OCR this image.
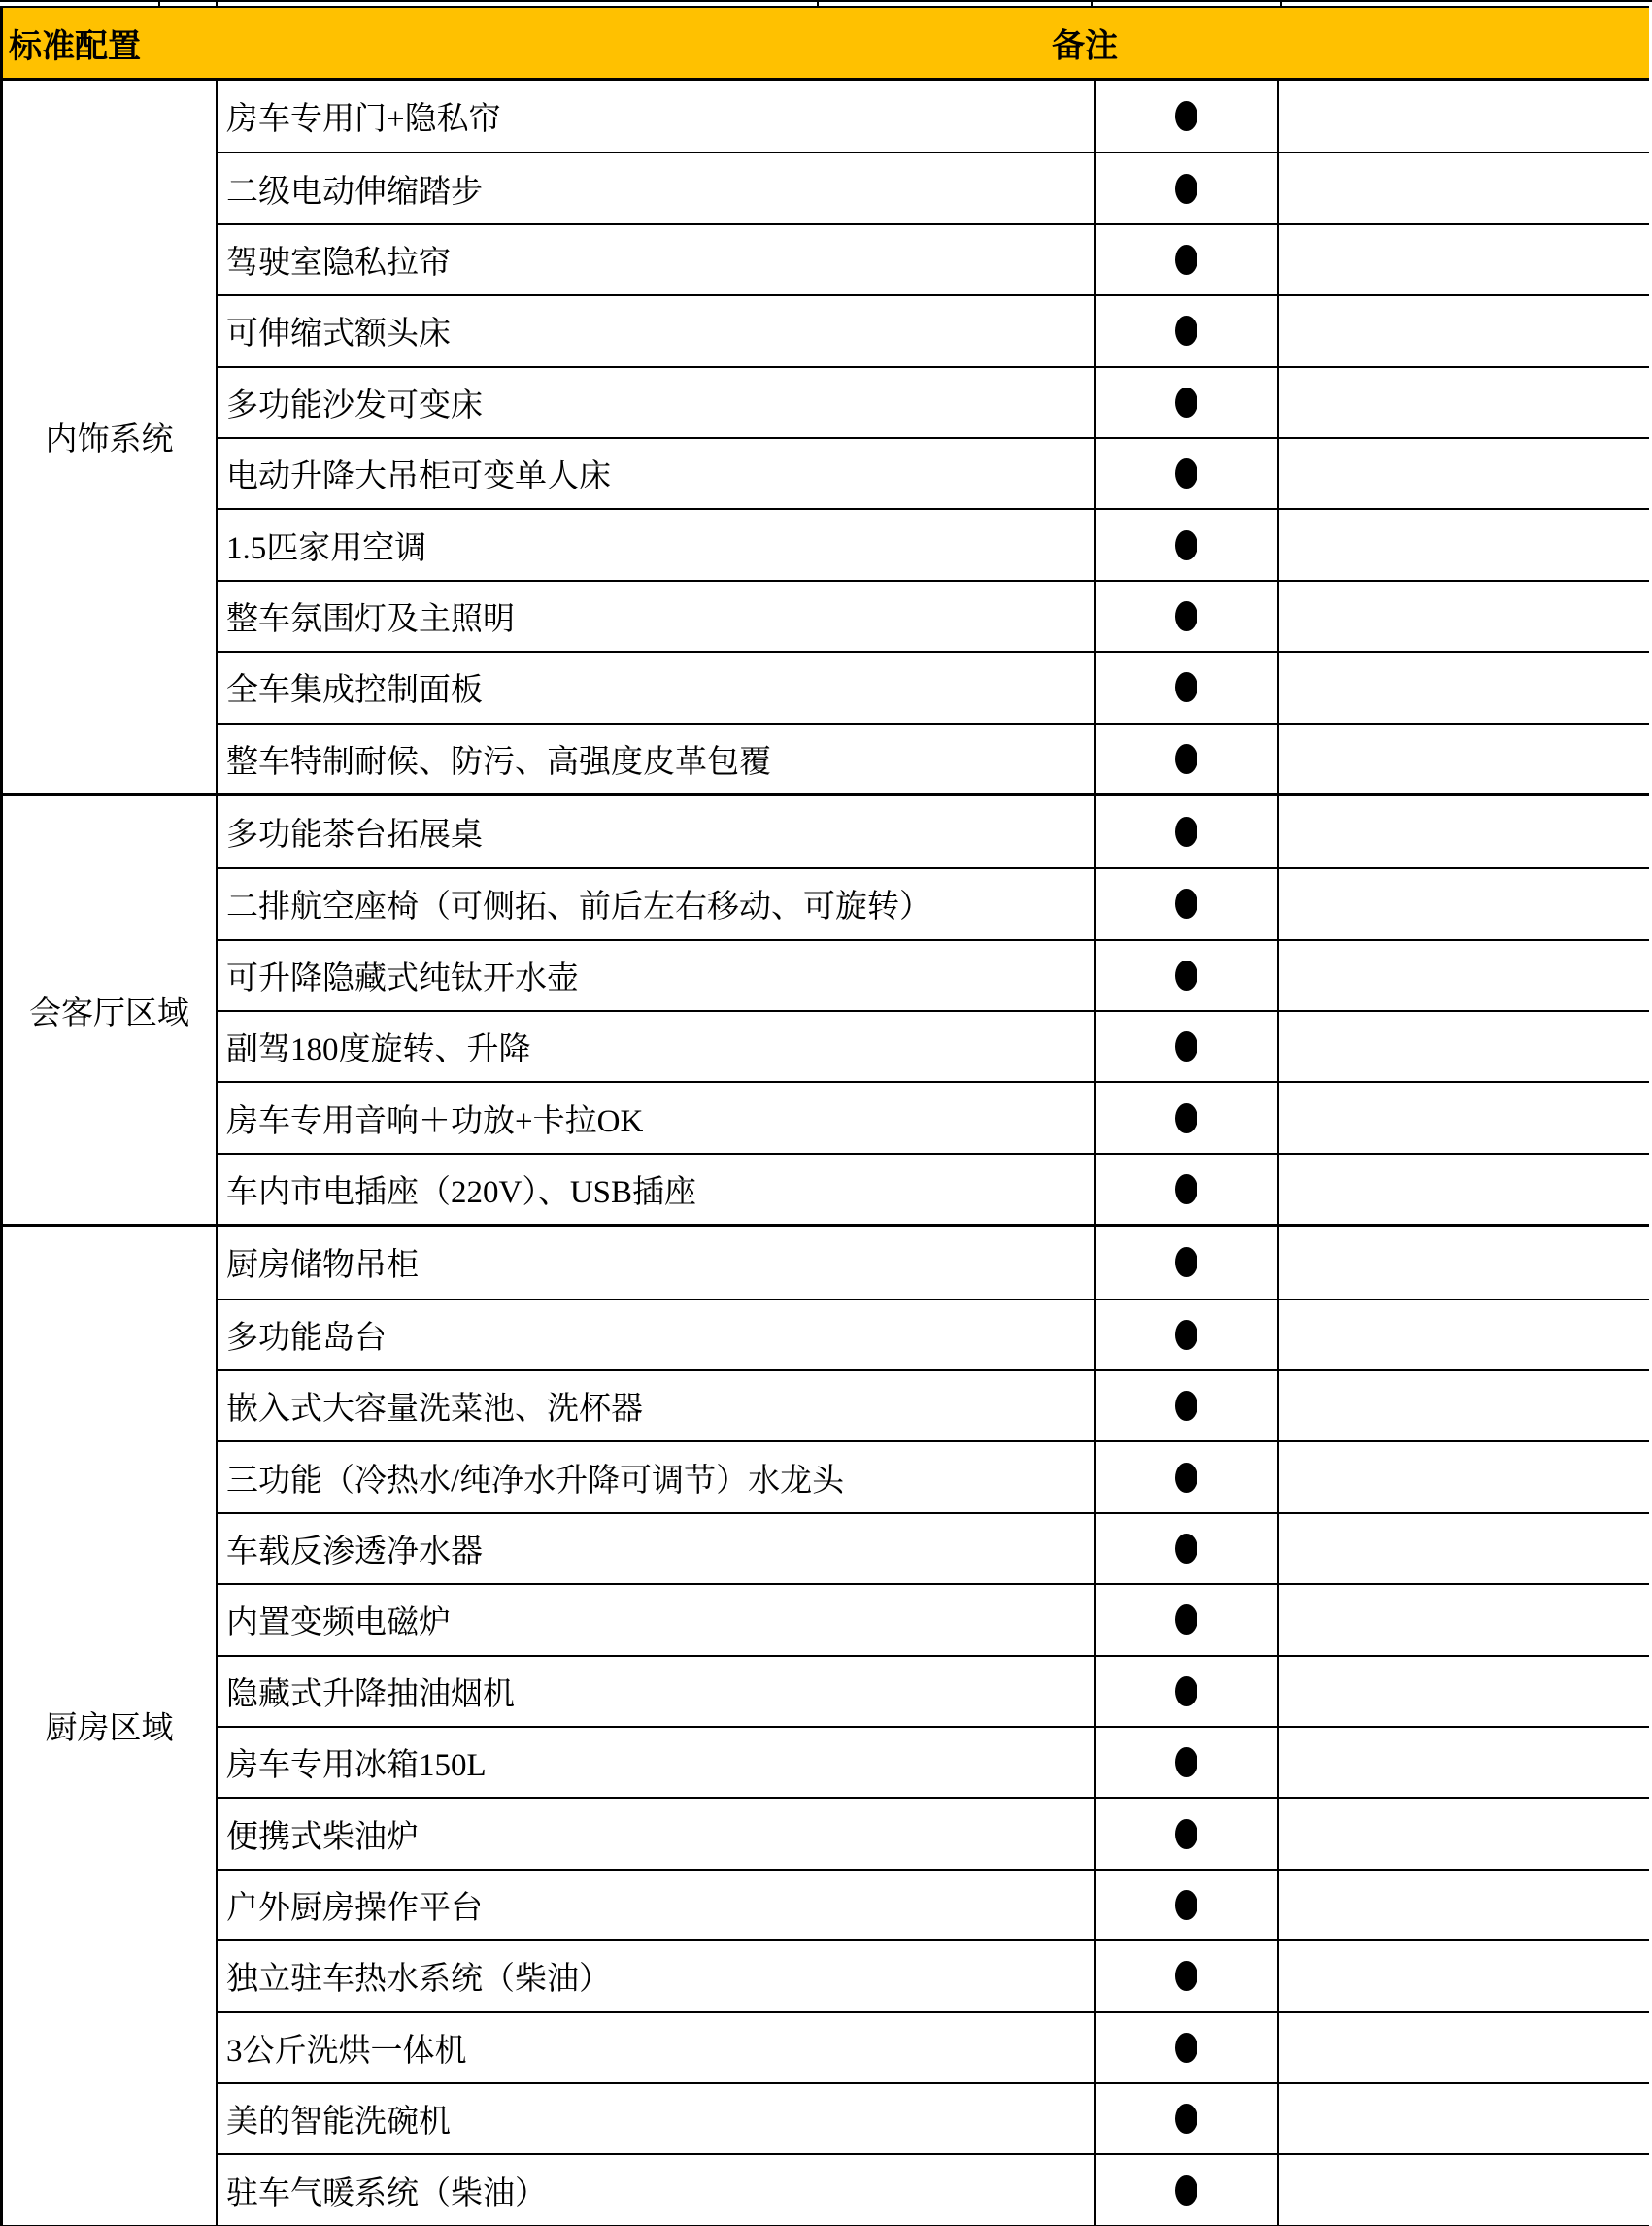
标准配置	备注
内饰系统
房车专用门+隐私帘
二级电动伸缩踏步
驾驶室隐私拉帘
可伸缩式额头床
多功能沙发可变床
电动升降大吊柜可变单人床
1.5匹家用空调
整车氛围灯及主照明
全车集成控制面板
整车特制耐候、防污、高强度皮革包覆
会客厅区域
多功能茶台拓展桌
二排航空座椅（可侧拓、前后左右移动、可旋转）
可升降隐藏式纯钛开水壶
副驾180度旋转、升降
房车专用音响＋功放+卡拉OK
车内市电插座（220V）、USB插座
厨房区域
厨房储物吊柜
多功能岛台
嵌入式大容量洗菜池、洗杯器
三功能（冷热水/纯净水升降可调节）水龙头
车载反渗透净水器
内置变频电磁炉
隐藏式升降抽油烟机
房车专用冰箱150L
便携式柴油炉
户外厨房操作平台
独立驻车热水系统（柴油）
3公斤洗烘一体机
美的智能洗碗机
驻车气暖系统（柴油）
